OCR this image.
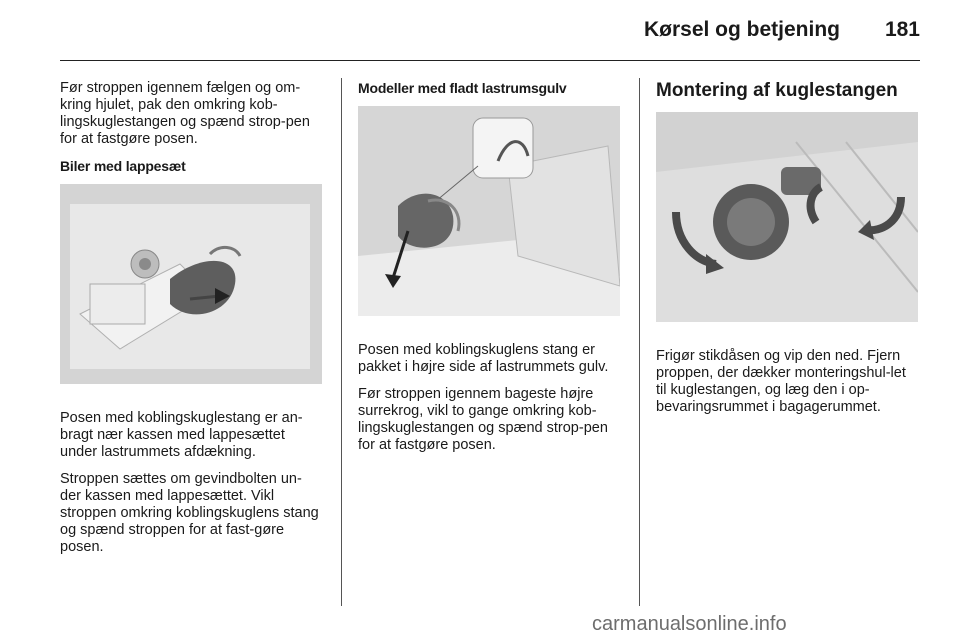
Kørsel og betjening	181

Før stroppen igennem fælgen og om-kring hjulet, pak den omkring kob-lingskuglestangen og spænd strop-pen for at fastgøre posen.

Biler med lappesæt

Posen med koblingskuglestang er an-bragt nær kassen med lappesættet under lastrummets afdækning.

Stroppen sættes om gevindbolten un-der kassen med lappesættet. Vikl stroppen omkring koblingskuglens stang og spænd stroppen for at fast-gøre posen.

Modeller med fladt lastrumsgulv

Posen med koblingskuglens stang er pakket i højre side af lastrummets gulv.

Før stroppen igennem bageste højre surrekrog, vikl to gange omkring kob-lingskuglestangen og spænd strop-pen for at fastgøre posen.

Montering af kuglestangen

Frigør stikdåsen og vip den ned. Fjern proppen, der dækker monteringshul-let til kuglestangen, og læg den i op-bevaringsrummet i bagagerummet.

carmanualsonline.info
